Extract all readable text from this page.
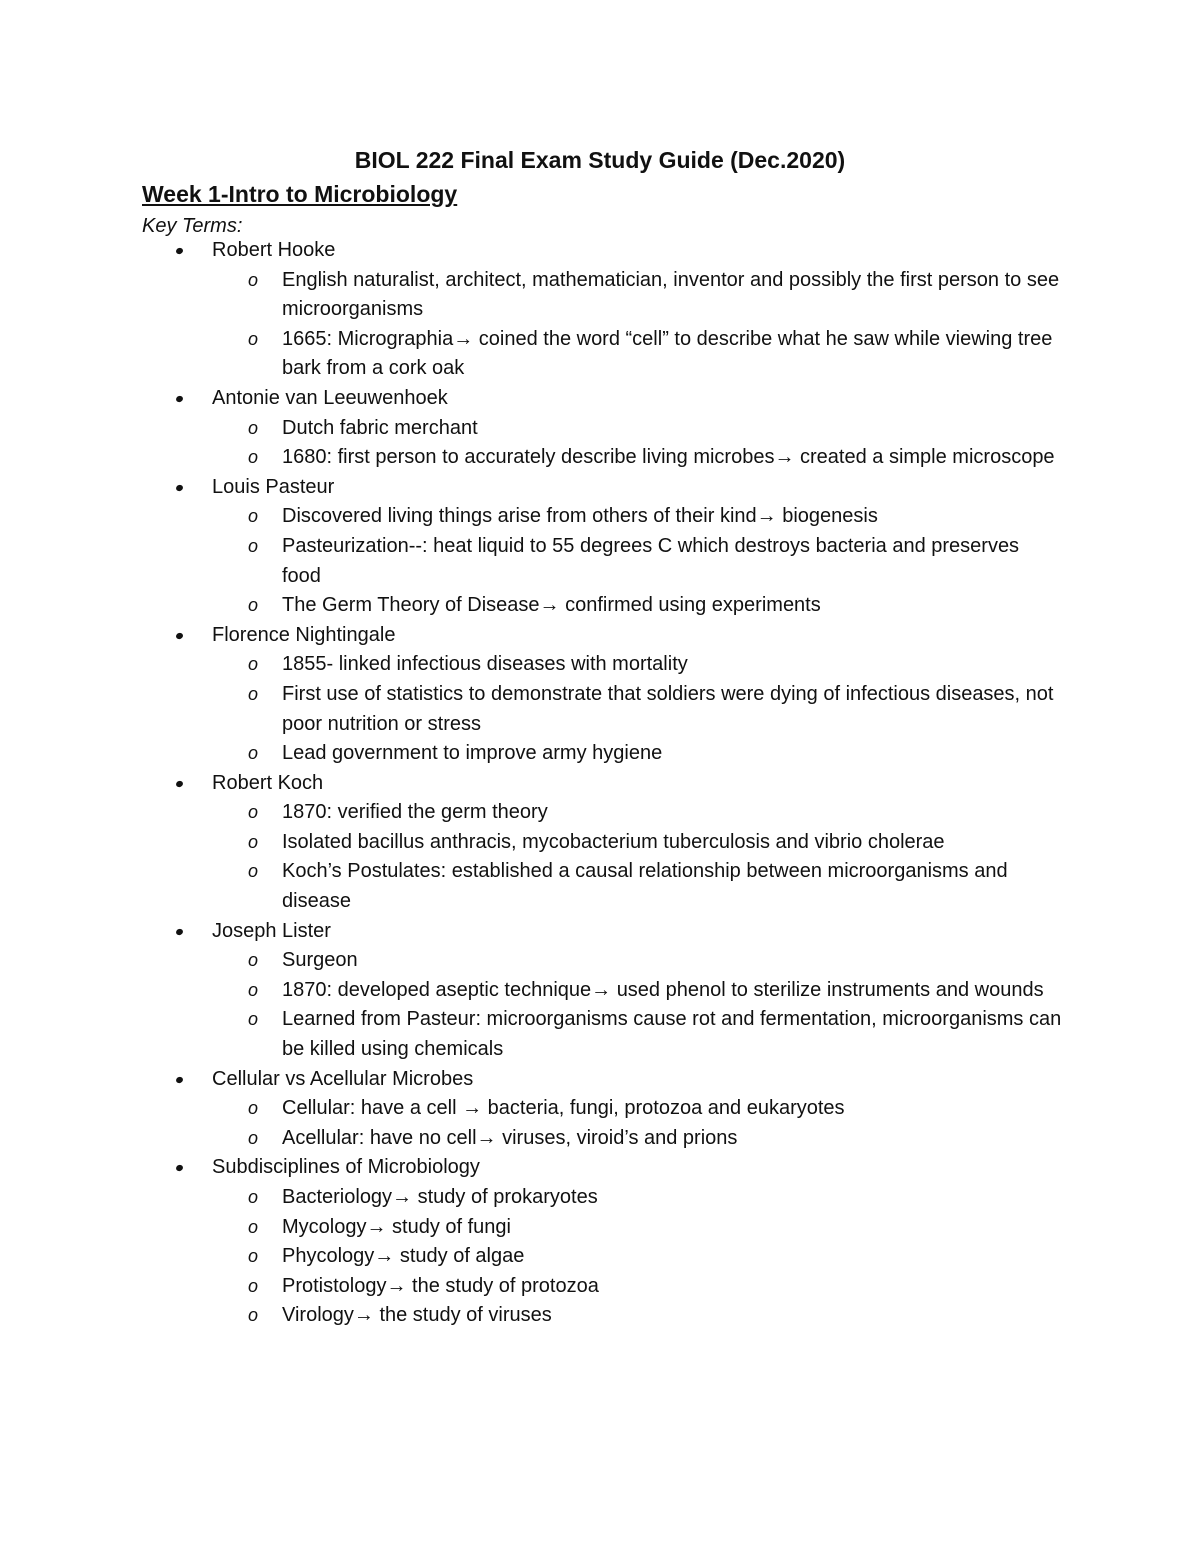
BIOL 222 Final Exam Study Guide (Dec.2020)
Week 1-Intro to Microbiology

Key Terms:

Robert Hooke
o English naturalist, architect, mathematician, inventor and possibly the first person to see microorganisms
o 1665: Micrographia→ coined the word “cell” to describe what he saw while viewing tree bark from a cork oak
Antonie van Leeuwenhoek
o Dutch fabric merchant
o 1680: first person to accurately describe living microbes→ created a simple microscope
Louis Pasteur
o Discovered living things arise from others of their kind→ biogenesis
o Pasteurization--: heat liquid to 55 degrees C which destroys bacteria and preserves food
o The Germ Theory of Disease→ confirmed using experiments
Florence Nightingale
o 1855- linked infectious diseases with mortality
o First use of statistics to demonstrate that soldiers were dying of infectious diseases, not poor nutrition or stress
o Lead government to improve army hygiene
Robert Koch
o 1870: verified the germ theory
o Isolated bacillus anthracis, mycobacterium tuberculosis and vibrio cholerae
o Koch’s Postulates: established a causal relationship between microorganisms and disease
Joseph Lister
o Surgeon
o 1870: developed aseptic technique→ used phenol to sterilize instruments and wounds
o Learned from Pasteur: microorganisms cause rot and fermentation, microorganisms can be killed using chemicals
Cellular vs Acellular Microbes
o Cellular: have a cell → bacteria, fungi, protozoa and eukaryotes
o Acellular: have no cell→ viruses, viroid’s and prions
Subdisciplines of Microbiology
o Bacteriology→ study of prokaryotes
o Mycology→ study of fungi
o Phycology→ study of algae
o Protistology→ the study of protozoa
o Virology→ the study of viruses
